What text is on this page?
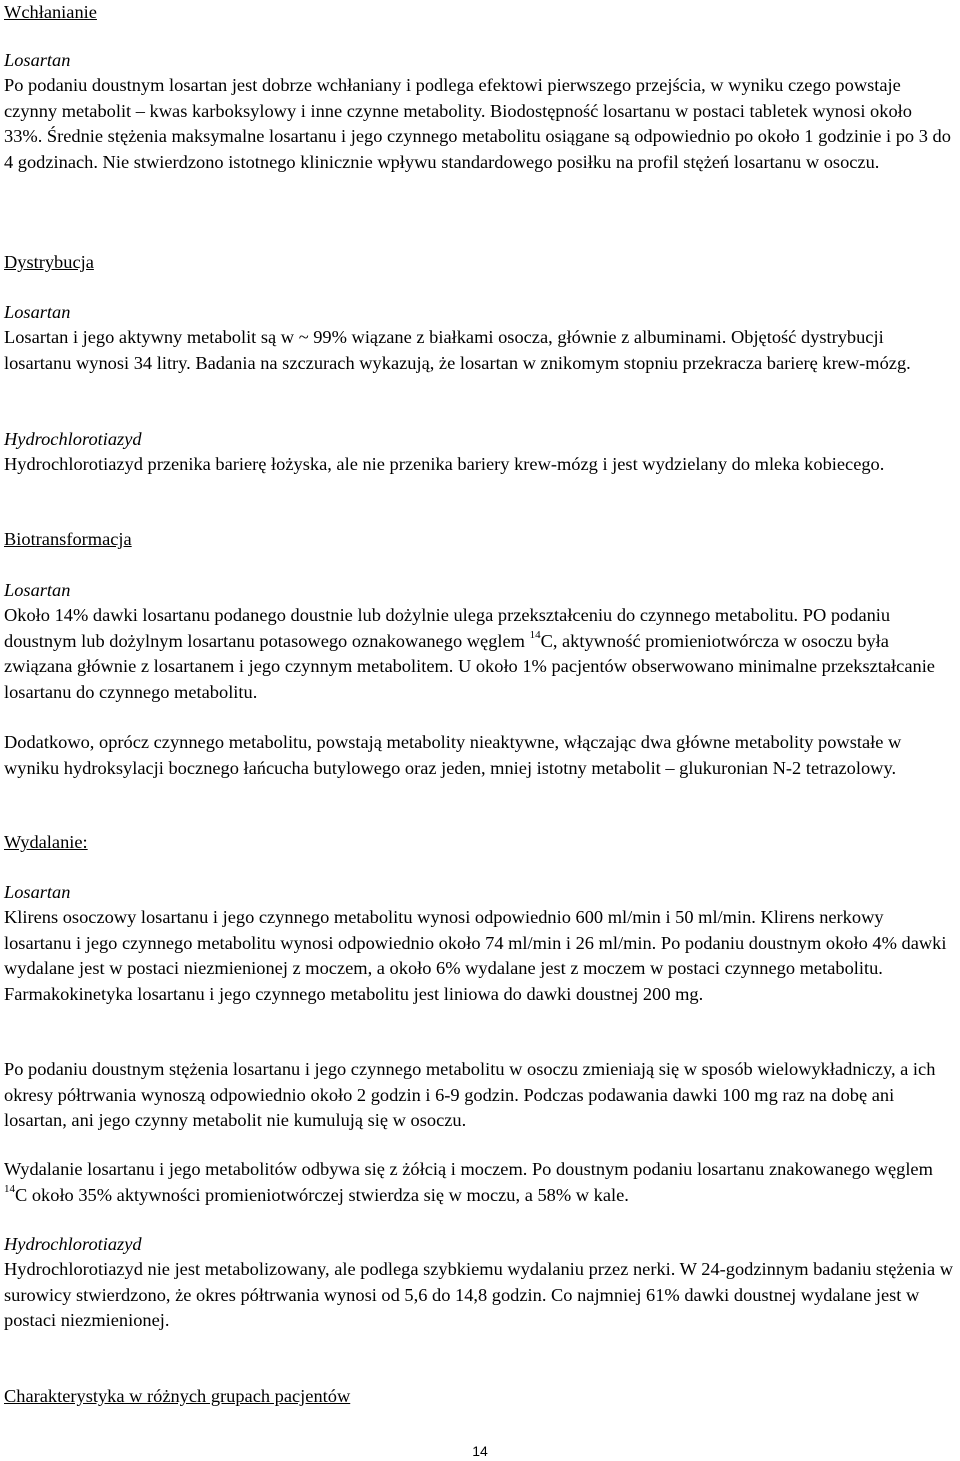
Wchłanianie
Losartan

Po podaniu doustnym losartan jest dobrze wchłaniany i podlega efektowi pierwszego przejścia, w wyniku czego powstaje czynny metabolit – kwas karboksylowy i inne czynne metabolity. Biodostępność losartanu w postaci tabletek wynosi około 33%. Średnie stężenia maksymalne losartanu i jego czynnego metabolitu osiągane są odpowiednio po około 1 godzinie i po 3 do 4 godzinach. Nie stwierdzono istotnego klinicznie wpływu standardowego posiłku na profil stężeń losartanu w osoczu.

Dystrybucja
Losartan

Losartan i jego aktywny metabolit są w ~ 99% wiązane z białkami osocza, głównie z albuminami. Objętość dystrybucji losartanu wynosi 34 litry. Badania na szczurach wykazują, że losartan w znikomym stopniu przekracza barierę krew-mózg.

Hydrochlorotiazyd

Hydrochlorotiazyd przenika barierę łożyska, ale nie przenika bariery krew-mózg i jest wydzielany do mleka kobiecego.

Biotransformacja
Losartan

Około 14% dawki losartanu podanego doustnie lub dożylnie ulega przekształceniu do czynnego metabolitu. PO podaniu doustnym lub dożylnym losartanu potasowego oznakowanego węglem $^{14}$C, aktywność promieniotwórcza w osoczu była związana głównie z losartanem i jego czynnym metabolitem. U około 1% pacjentów obserwowano minimalne przekształcanie losartanu do czynnego metabolitu.

Dodatkowo, oprócz czynnego metabolitu, powstają metabolity nieaktywne, włączając dwa główne metabolity powstałe w wyniku hydroksylacji bocznego łańcucha butylowego oraz jeden, mniej istotny metabolit – glukuronian N-2 tetrazolowy.

Wydalanie:
Losartan

Klirens osoczowy losartanu i jego czynnego metabolitu wynosi odpowiednio 600 ml/min i 50 ml/min. Klirens nerkowy losartanu i jego czynnego metabolitu wynosi odpowiednio około 74 ml/min i 26 ml/min. Po podaniu doustnym około 4% dawki wydalane jest w postaci niezmienionej z moczem, a około 6% wydalane jest z moczem w postaci czynnego metabolitu. Farmakokinetyka losartanu i jego czynnego metabolitu jest liniowa do dawki doustnej 200 mg.

Po podaniu doustnym stężenia losartanu i jego czynnego metabolitu w osoczu zmieniają się w sposób wielowykładniczy, a ich okresy półtrwania wynoszą odpowiednio około 2 godzin i 6-9 godzin. Podczas podawania dawki 100 mg raz na dobę ani losartan, ani jego czynny metabolit nie kumulują się w osoczu.

Wydalanie losartanu i jego metabolitów odbywa się z żółcią i moczem. Po doustnym podaniu losartanu znakowanego węglem $^{14}$C około 35% aktywności promieniotwórczej stwierdza się w moczu, a 58% w kale.

Hydrochlorotiazyd

Hydrochlorotiazyd nie jest metabolizowany, ale podlega szybkiemu wydalaniu przez nerki. W 24-godzinnym badaniu stężenia w surowicy stwierdzono, że okres półtrwania wynosi od 5,6 do 14,8 godzin. Co najmniej 61% dawki doustnej wydalane jest w postaci niezmienionej.

Charakterystyka w różnych grupach pacjentów
14
